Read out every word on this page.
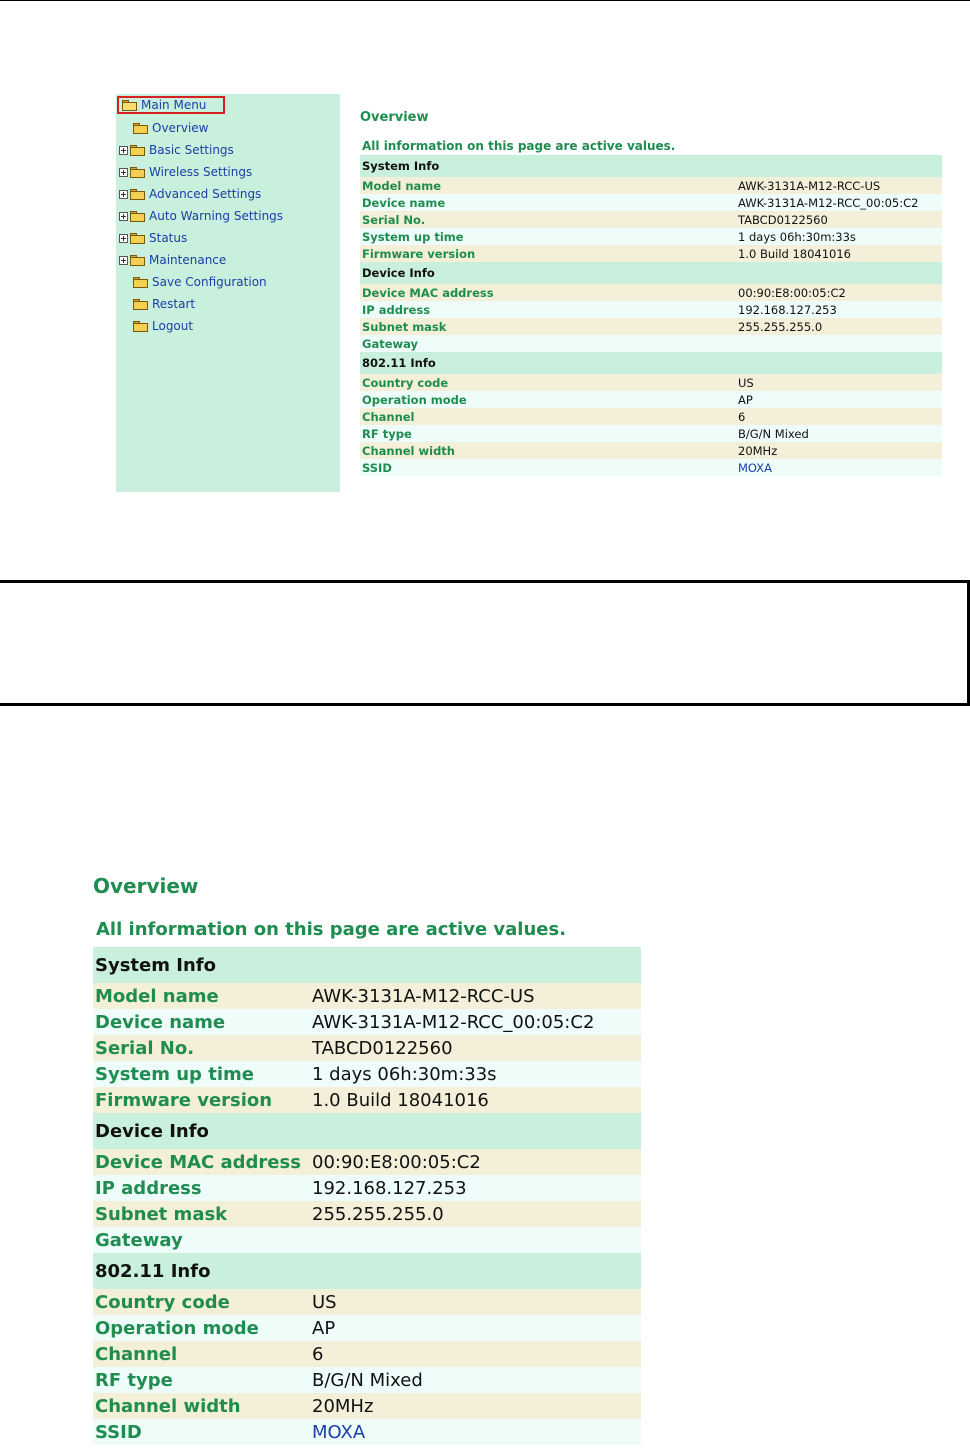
Main Menu
Overview
Basic Settings
Wireless Settings
Advanced Settings
Auto Warning Settings
Status
Maintenance
Save Configuration
Restart
Logout
Overview
All information on this page are active values.
System Info	
Model name	AWK-3131A-M12-RCC-US
Device name	AWK-3131A-M12-RCC_00:05:C2
Serial No.	TABCD0122560
System up time	1 days 06h:30m:33s
Firmware version	1.0 Build 18041016
Device Info	
Device MAC address	00:90:E8:00:05:C2
IP address	192.168.127.253
Subnet mask	255.255.255.0
Gateway	
802.11 Info	
Country code	US
Operation mode	AP
Channel	6
RF type	B/G/N Mixed
Channel width	20MHz
SSID	MOXA
Overview
All information on this page are active values.
System Info	
Model name	AWK-3131A-M12-RCC-US
Device name	AWK-3131A-M12-RCC_00:05:C2
Serial No.	TABCD0122560
System up time	1 days 06h:30m:33s
Firmware version	1.0 Build 18041016
Device Info	
Device MAC address	00:90:E8:00:05:C2
IP address	192.168.127.253
Subnet mask	255.255.255.0
Gateway	
802.11 Info	
Country code	US
Operation mode	AP
Channel	6
RF type	B/G/N Mixed
Channel width	20MHz
SSID	MOXA
